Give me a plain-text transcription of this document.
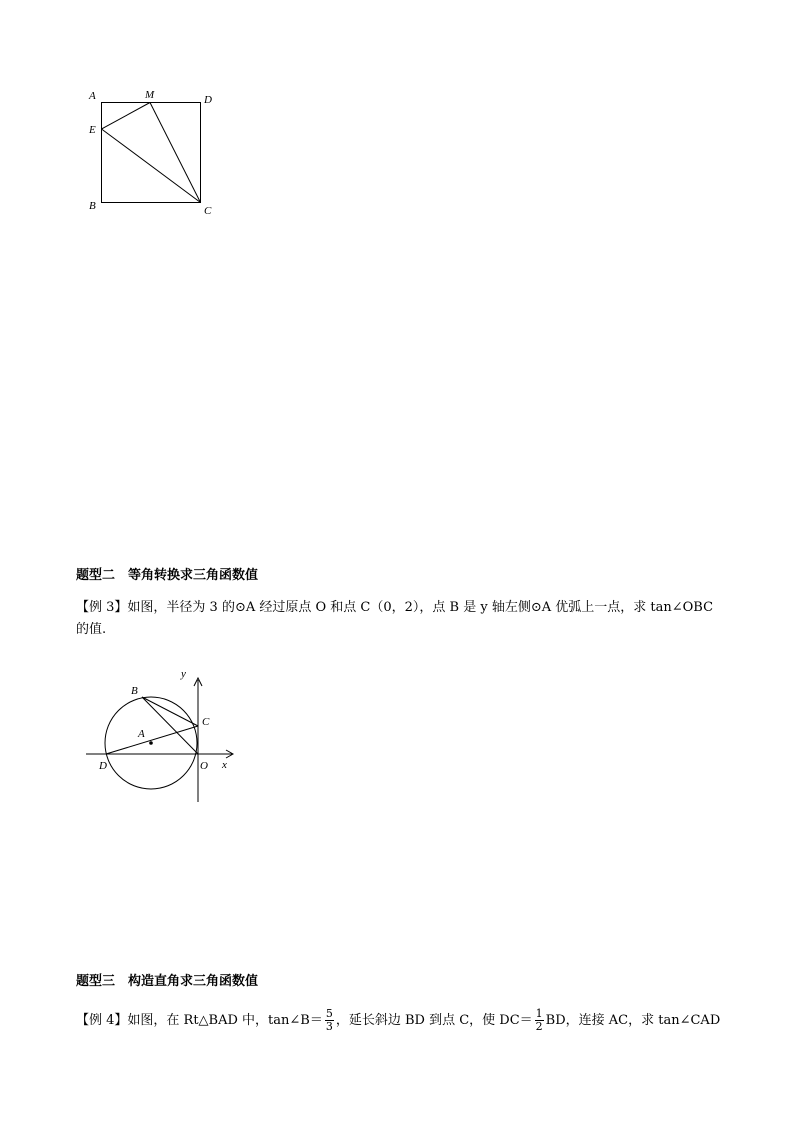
A	M	D
E
B	C
题型二　等角转换求三角函数值
【例 3】如图，半径为 3 的⊙A 经过原点 O 和点 C（0，2），点 B 是 y 轴左侧⊙A 优弧上一点，求 tan∠OBC
的值.
B
C
A
D	O
y
x
题型三　构造直角求三角函数值
【例 4】如图，在 Rt△BAD 中，tan∠B＝ $\frac{5}{3}$ ，延长斜边 BD 到点 C，使 $DC= \frac{1}{2}$ BD，连接 AC，求 tan∠CAD
